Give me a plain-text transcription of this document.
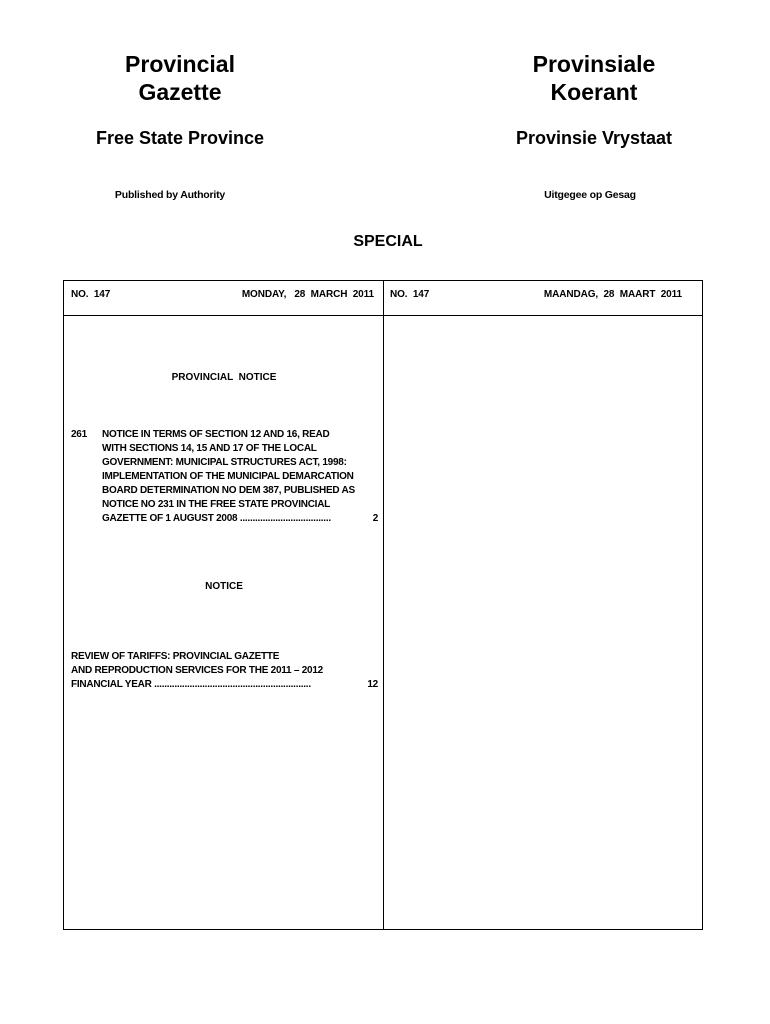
Provincial
Gazette
Provinsiale
Koerant
Free State Province	Provinsie Vrystaat
Published by Authority	Uitgegee op Gesag
SPECIAL
NO.  147	MONDAY,   28  MARCH  2011 NO.  147	MAANDAG,  28  MAART  2011
PROVINCIAL  NOTICE
261 NOTICE IN TERMS OF SECTION 12 AND 16, READ
WITH SECTIONS 14, 15 AND 17 OF THE LOCAL
GOVERNMENT: MUNICIPAL STRUCTURES ACT, 1998:
IMPLEMENTATION OF THE MUNICIPAL DEMARCATION
BOARD DETERMINATION NO DEM 387, PUBLISHED AS
NOTICE NO 231 IN THE FREE STATE PROVINCIAL
GAZETTE OF 1 AUGUST 2008 ....................................	2
NOTICE
REVIEW OF TARIFFS: PROVINCIAL GAZETTE
AND REPRODUCTION SERVICES FOR THE 2011 – 2012
FINANCIAL YEAR ..............................................................	12
